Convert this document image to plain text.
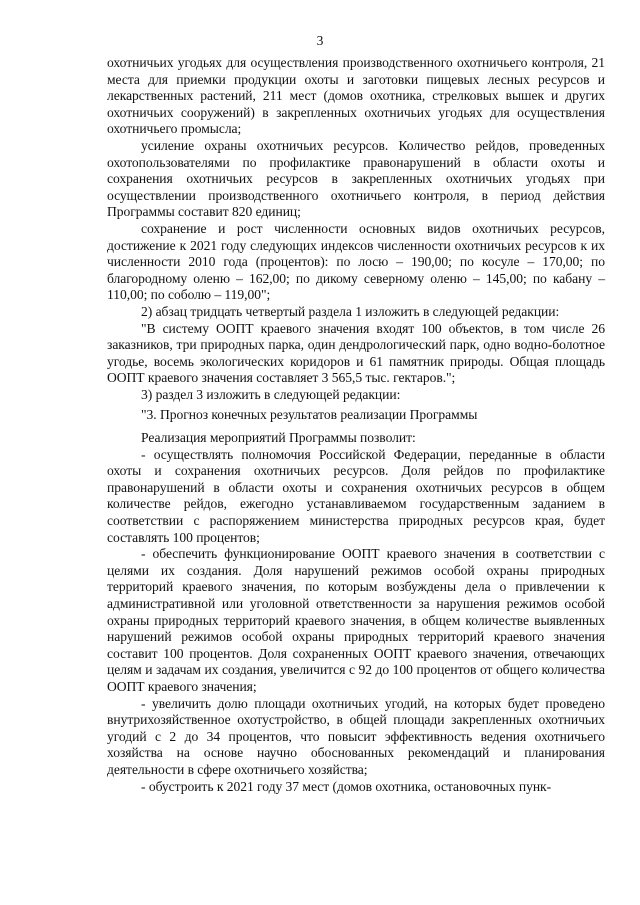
3

охотничьих угодьях для осуществления производственного охотничьего контроля, 21 места для приемки продукции охоты и заготовки пищевых лесных ресурсов и лекарственных растений, 211 мест (домов охотника, стрелковых вышек и других охотничьих сооружений) в закрепленных охотничьих угодьях для осуществления охотничьего промысла;

усиление охраны охотничьих ресурсов. Количество рейдов, проведенных охотопользователями по профилактике правонарушений в области охоты и сохранения охотничьих ресурсов в закрепленных охотничьих угодьях при осуществлении производственного охотничьего контроля, в период действия Программы составит 820 единиц;

сохранение и рост численности основных видов охотничьих ресурсов, достижение к 2021 году следующих индексов численности охотничьих ресурсов к их численности 2010 года (процентов): по лосю – 190,00; по косуле – 170,00; по благородному оленю – 162,00; по дикому северному оленю – 145,00; по кабану – 110,00; по соболю – 119,00";

2) абзац тридцать четвертый раздела 1 изложить в следующей редакции:

"В систему ООПТ краевого значения входят 100 объектов, в том числе 26 заказников, три природных парка, один дендрологический парк, одно водно-болотное угодье, восемь экологических коридоров и 61 памятник природы. Общая площадь ООПТ краевого значения составляет 3 565,5 тыс. гектаров.";

3) раздел 3 изложить в следующей редакции:

"3. Прогноз конечных результатов реализации Программы

Реализация мероприятий Программы позволит:

- осуществлять полномочия Российской Федерации, переданные в области охоты и сохранения охотничьих ресурсов. Доля рейдов по профилактике правонарушений в области охоты и сохранения охотничьих ресурсов в общем количестве рейдов, ежегодно устанавливаемом государственным заданием в соответствии с распоряжением министерства природных ресурсов края, будет составлять 100 процентов;

- обеспечить функционирование ООПТ краевого значения в соответствии с целями их создания. Доля нарушений режимов особой охраны природных территорий краевого значения, по которым возбуждены дела о привлечении к административной или уголовной ответственности за нарушения режимов особой охраны природных территорий краевого значения, в общем количестве выявленных нарушений режимов особой охраны природных территорий краевого значения составит 100 процентов. Доля сохраненных ООПТ краевого значения, отвечающих целям и задачам их создания, увеличится с 92 до 100 процентов от общего количества ООПТ краевого значения;

- увеличить долю площади охотничьих угодий, на которых будет проведено внутрихозяйственное охотустройство, в общей площади закрепленных охотничьих угодий с 2 до 34 процентов, что повысит эффективность ведения охотничьего хозяйства на основе научно обоснованных рекомендаций и планирования деятельности в сфере охотничьего хозяйства;

- обустроить к 2021 году 37 мест (домов охотника, остановочных пунк-
